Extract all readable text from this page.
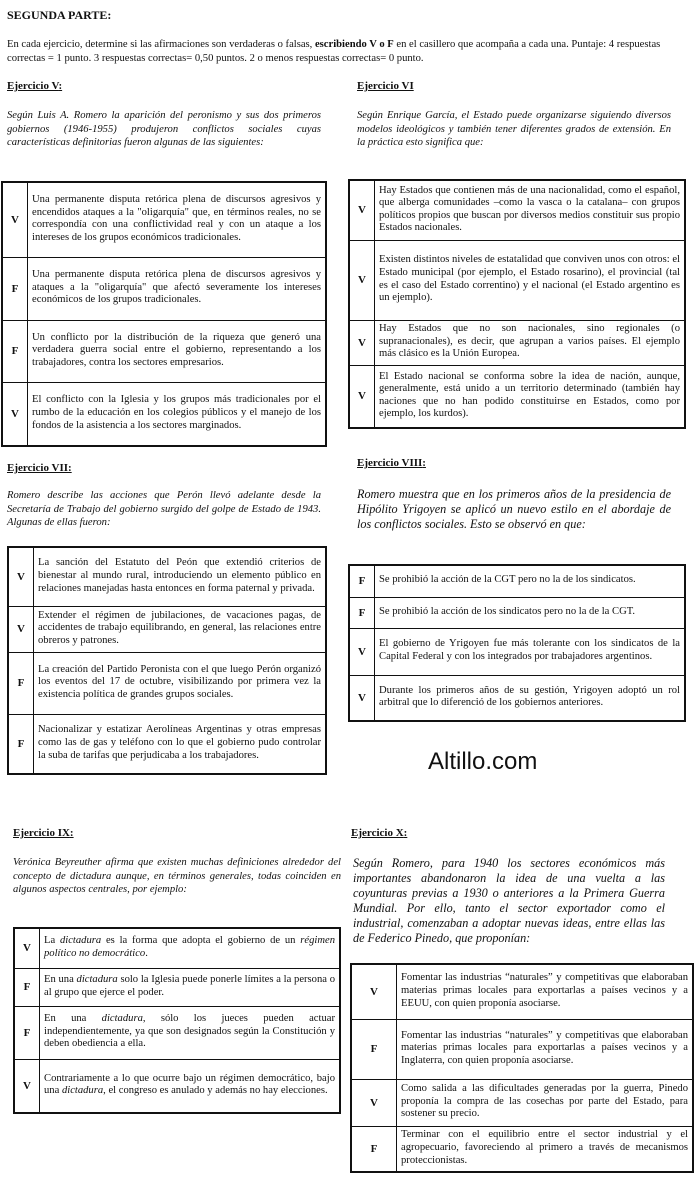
SEGUNDA PARTE:
En cada ejercicio, determine si las afirmaciones son verdaderas o falsas, escribiendo V o F en el casillero que acompaña a cada una. Puntaje: 4 respuestas correctas = 1 punto. 3 respuestas correctas= 0,50 puntos. 2 o menos respuestas correctas= 0 punto.
Ejercicio V:
Según Luis A. Romero la aparición del peronismo y sus dos primeros gobiernos (1946-1955) produjeron conflictos sociales cuyas características definitorias fueron algunas de las siguientes:
V	Una permanente disputa retórica plena de discursos agresivos y encendidos ataques a la "oligarquía" que, en términos reales, no se correspondía con una conflictividad real y con un ataque a los intereses de los grupos económicos tradicionales.
F	Una permanente disputa retórica plena de discursos agresivos y ataques a la "oligarquía" que afectó severamente los intereses económicos de los grupos tradicionales.
F	Un conflicto por la distribución de la riqueza que generó una verdadera guerra social entre el gobierno, representando a los trabajadores, contra los sectores empresarios.
V	El conflicto con la Iglesia y los grupos más tradicionales por el rumbo de la educación en los colegios públicos y el manejo de los fondos de la asistencia a los sectores marginados.
Ejercicio VI
Según Enrique García, el Estado puede organizarse siguiendo diversos modelos ideológicos y también tener diferentes grados de extensión. En la práctica esto significa que:
V	Hay Estados que contienen más de una nacionalidad, como el español, que alberga comunidades –como la vasca o la catalana– con grupos políticos propios que buscan por diversos medios constituir sus propio Estados nacionales.
V	Existen distintos niveles de estatalidad que conviven unos con otros: el Estado municipal (por ejemplo, el Estado rosarino), el provincial (tal es el caso del Estado correntino) y el nacional (el Estado argentino es un ejemplo).
V	Hay Estados que no son nacionales, sino regionales (o supranacionales), es decir, que agrupan a varios países. El ejemplo más clásico es la Unión Europea.
V	El Estado nacional se conforma sobre la idea de nación, aunque, generalmente, está unido a un territorio determinado (también hay naciones que no han podido constituirse en Estados, como por ejemplo, los kurdos).
Ejercicio VII:
Romero describe las acciones que Perón llevó adelante desde la Secretaría de Trabajo del gobierno surgido del golpe de Estado de 1943. Algunas de ellas fueron:
V	La sanción del Estatuto del Peón que extendió criterios de bienestar al mundo rural, introduciendo un elemento público en relaciones manejadas hasta entonces en forma paternal y privada.
V	Extender el régimen de jubilaciones, de vacaciones pagas, de accidentes de trabajo equilibrando, en general, las relaciones entre obreros y patrones.
F	La creación del Partido Peronista con el que luego Perón organizó los eventos del 17 de octubre, visibilizando por primera vez la existencia política de grandes grupos sociales.
F	Nacionalizar y estatizar Aerolíneas Argentinas y otras empresas como las de gas y teléfono con lo que el gobierno pudo controlar la suba de tarifas que perjudicaba a los trabajadores.
Ejercicio VIII:
Romero muestra que en los primeros años de la presidencia de Hipólito Yrigoyen se aplicó un nuevo estilo en el abordaje de los conflictos sociales. Esto se observó en que:
F	Se prohibió la acción de la CGT pero no la de los sindicatos.
F	Se prohibió la acción de los sindicatos pero no la de la CGT.
V	El gobierno de Yrigoyen fue más tolerante con los sindicatos de la Capital Federal y con los integrados por trabajadores argentinos.
V	Durante los primeros años de su gestión, Yrigoyen adoptó un rol arbitral que lo diferenció de los gobiernos anteriores.
Altillo.com
Ejercicio IX:
Verónica Beyreuther afirma que existen muchas definiciones alrededor del concepto de dictadura aunque, en términos generales, todas coinciden en algunos aspectos centrales, por ejemplo:
V	La dictadura es la forma que adopta el gobierno de un régimen político no democrático.
F	En una dictadura solo la Iglesia puede ponerle límites a la persona o al grupo que ejerce el poder.
F	En una dictadura, sólo los jueces pueden actuar independientemente, ya que son designados según la Constitución y deben obediencia a ella.
V	Contrariamente a lo que ocurre bajo un régimen democrático, bajo una dictadura, el congreso es anulado y además no hay elecciones.
Ejercicio X:
Según Romero, para 1940 los sectores económicos más importantes abandonaron la idea de una vuelta a las coyunturas previas a 1930 o anteriores a la Primera Guerra Mundial. Por ello, tanto el sector exportador como el industrial, comenzaban a adoptar nuevas ideas, entre ellas las de Federico Pinedo, que proponían:
V	Fomentar las industrias “naturales” y competitivas que elaboraban materias primas locales para exportarlas a países vecinos y a EEUU, con quien proponía asociarse.
F	Fomentar las industrias “naturales” y competitivas que elaboraban materias primas locales para exportarlas a países vecinos y a Inglaterra, con quien proponía asociarse.
V	Como salida a las dificultades generadas por la guerra, Pinedo proponía la compra de las cosechas por parte del Estado, para sostener su precio.
F	Terminar con el equilibrio entre el sector industrial y el agropecuario, favoreciendo al primero a través de mecanismos proteccionistas.
